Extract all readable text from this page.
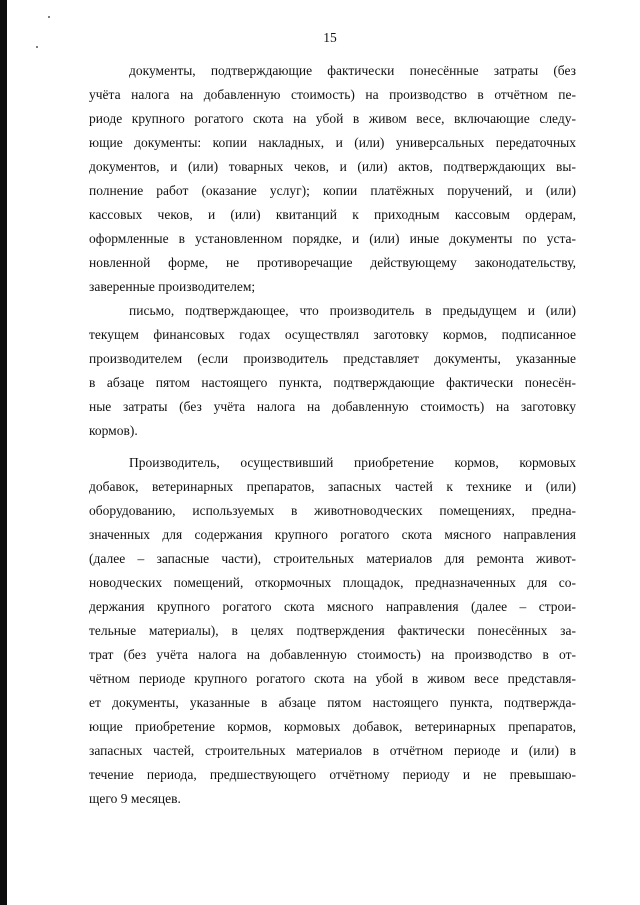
15
документы, подтверждающие фактически понесённые затраты (без
учёта налога на добавленную стоимость) на производство в отчётном пе-
риоде крупного рогатого скота на убой в живом весе, включающие следу-
ющие документы: копии накладных, и (или) универсальных передаточных
документов, и (или) товарных чеков, и (или) актов, подтверждающих вы-
полнение работ (оказание услуг); копии платёжных поручений, и (или)
кассовых чеков, и (или) квитанций к приходным кассовым ордерам,
оформленные в установленном порядке, и (или) иные документы по уста-
новленной форме, не противоречащие действующему законодательству,
заверенные производителем;
письмо, подтверждающее, что производитель в предыдущем и (или)
текущем финансовых годах осуществлял заготовку кормов, подписанное
производителем (если производитель представляет документы, указанные
в абзаце пятом настоящего пункта, подтверждающие фактически понесён-
ные затраты (без учёта налога на добавленную стоимость) на заготовку
кормов).
Производитель, осуществивший приобретение кормов, кормовых
добавок, ветеринарных препаратов, запасных частей к технике и (или)
оборудованию, используемых в животноводческих помещениях, предна-
значенных для содержания крупного рогатого скота мясного направления
(далее – запасные части), строительных материалов для ремонта живот-
новодческих помещений, откормочных площадок, предназначенных для со-
держания крупного рогатого скота мясного направления (далее – строи-
тельные материалы), в целях подтверждения фактически понесённых за-
трат (без учёта налога на добавленную стоимость) на производство в от-
чётном периоде крупного рогатого скота на убой в живом весе представля-
ет документы, указанные в абзаце пятом настоящего пункта, подтвержда-
ющие приобретение кормов, кормовых добавок, ветеринарных препаратов,
запасных частей, строительных материалов в отчётном периоде и (или) в
течение периода, предшествующего отчётному периоду и не превышаю-
щего 9 месяцев.
